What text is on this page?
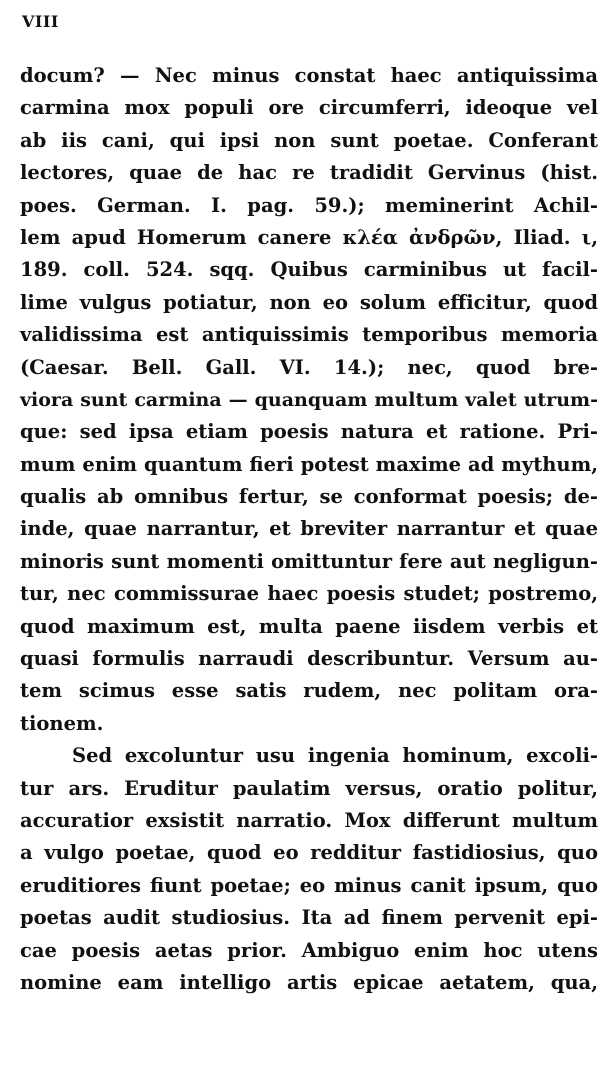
VIII

docum? — Nec minus constat haec antiquissima
carmina mox populi ore circumferri, ideoque vel
ab iis cani, qui ipsi non sunt poetae. Conferant
lectores, quae de hac re tradidit Gervinus (hist.
poes. German. I. pag. 59.); meminerint Achil-
lem apud Homerum canere κλέα ἀνδρῶν, Iliad. ι,
189. coll. 524. sqq. Quibus carminibus ut facil-
lime vulgus potiatur, non eo solum efficitur, quod
validissima est antiquissimis temporibus memoria
(Caesar. Bell. Gall. VI. 14.); nec, quod bre-
viora sunt carmina — quanquam multum valet utrum-
que: sed ipsa etiam poesis natura et ratione. Pri-
mum enim quantum fieri potest maxime ad mythum,
qualis ab omnibus fertur, se conformat poesis; de-
inde, quae narrantur, et breviter narrantur et quae
minoris sunt momenti omittuntur fere aut negligun-
tur, nec commissurae haec poesis studet; postremo,
quod maximum est, multa paene iisdem verbis et
quasi formulis narraudi describuntur. Versum au-
tem scimus esse satis rudem, nec politam ora-
tionem.
Sed excoluntur usu ingenia hominum, excoli-
tur ars. Eruditur paulatim versus, oratio politur,
accuratior exsistit narratio. Mox differunt multum
a vulgo poetae, quod eo redditur fastidiosius, quo
eruditiores fiunt poetae; eo minus canit ipsum, quo
poetas audit studiosius. Ita ad finem pervenit epi-
cae poesis aetas prior. Ambiguo enim hoc utens
nomine eam intelligo artis epicae aetatem, qua,
